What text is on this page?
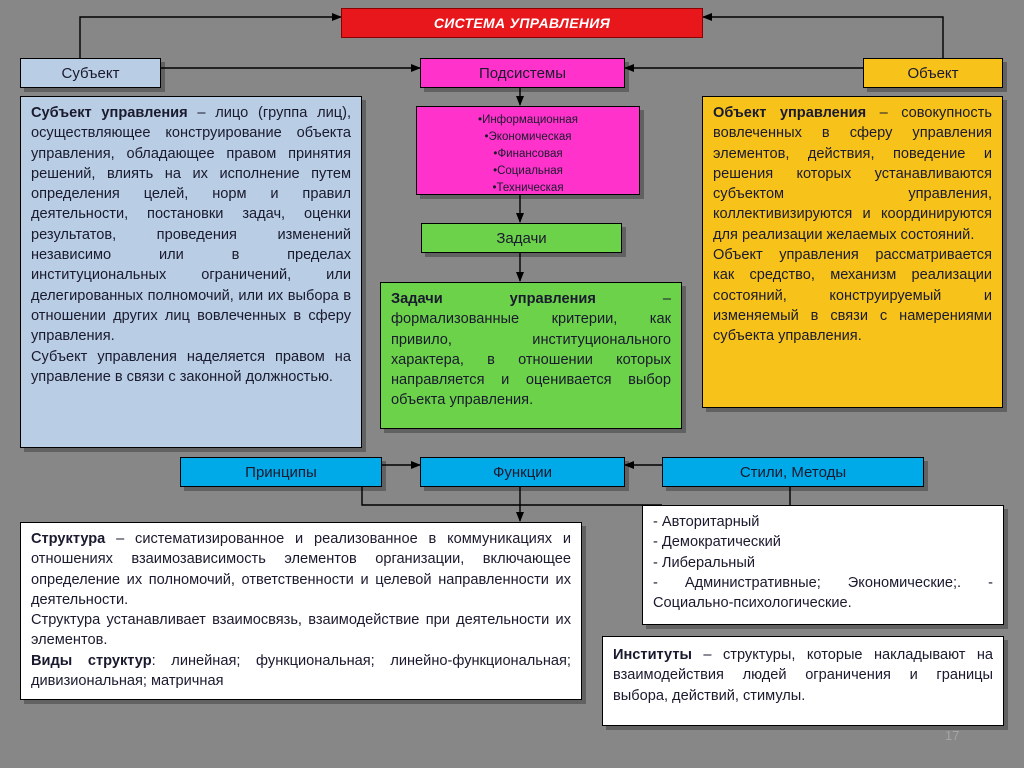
СИСТЕМА УПРАВЛЕНИЯ
Субъект	Подсистемы	Объект

Субъект управления – лицо (группа лиц), осуществляющее конструирование объекта управления, обладающее правом принятия решений, влиять на их исполнение путем определения целей, норм и правил деятельности, постановки задач, оценки результатов, проведения изменений независимо или в пределах институциональных ограничений, или делегированных полномочий, или их выбора в отношении других лиц вовлеченных в сферу управления.

Субъект управления наделяется правом на управление в связи с законной должностью.

• Информационная
• Экономическая
• Финансовая
• Социальная
• Техническая
Задачи

Задачи управления – формализованные критерии, как привило, институционального характера, в отношении которых направляется и оценивается выбор объекта управления.

Объект управления – совокупность вовлеченных в сферу управления элементов, действия, поведение и решения которых устанавливаются субъектом управления, коллективизируются и координируются для реализации желаемых состояний.

Объект управления рассматривается как средство, механизм реализации состояний, конструируемый и изменяемый в связи с намерениями субъекта управления.

Принципы	Функции	Стили, Методы

Структура – систематизированное и реализованное в коммуникациях и отношениях взаимозависимость элементов организации, включающее определение их полномочий, ответственности и целевой направленности их деятельности.

Структура устанавливает взаимосвязь, взаимодействие при деятельности их элементов.

Виды структур: линейная; функциональная; линейно-функциональная; дивизиональная; матричная

- Авторитарный

- Демократический

- Либеральный

- Административные; Экономические;. - Социально-психологические.

Институты – структуры, которые накладывают на взаимодействия людей ограничения и границы выбора, действий, стимулы.

17
